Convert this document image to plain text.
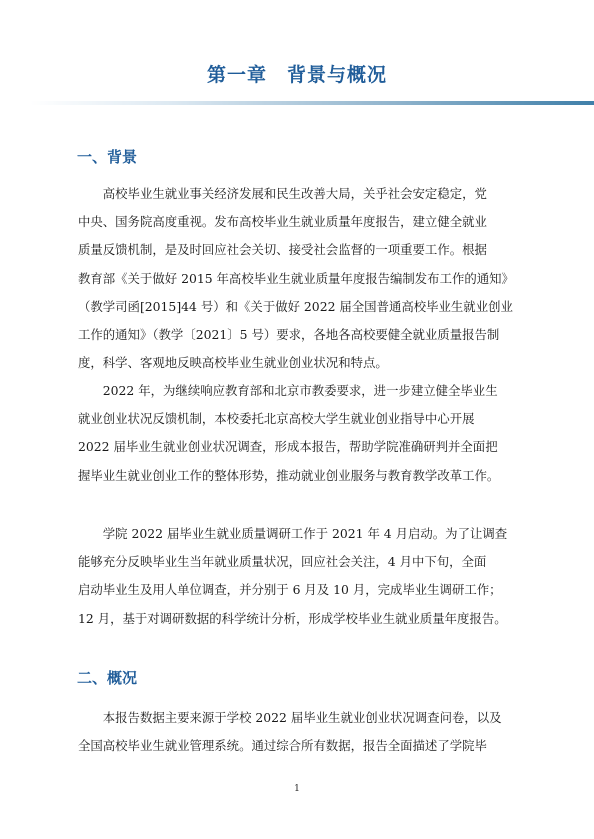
第一章　背景与概况
一、背景
　　高校毕业生就业事关经济发展和民生改善大局，关乎社会安定稳定，党
中央、国务院高度重视。发布高校毕业生就业质量年度报告，建立健全就业
质量反馈机制，是及时回应社会关切、接受社会监督的一项重要工作。根据
教育部《关于做好 2015 年高校毕业生就业质量年度报告编制发布工作的通知》
（教学司函[2015]44 号）和《关于做好 2022 届全国普通高校毕业生就业创业
工作的通知》（教学〔2021〕5 号）要求，各地各高校要健全就业质量报告制
度，科学、客观地反映高校毕业生就业创业状况和特点。
　　2022 年，为继续响应教育部和北京市教委要求，进一步建立健全毕业生
就业创业状况反馈机制，本校委托北京高校大学生就业创业指导中心开展
2022 届毕业生就业创业状况调查，形成本报告，帮助学院准确研判并全面把
握毕业生就业创业工作的整体形势，推动就业创业服务与教育教学改革工作。
　　学院 2022 届毕业生就业质量调研工作于 2021 年 4 月启动。为了让调查
能够充分反映毕业生当年就业质量状况，回应社会关注，4 月中下旬，全面
启动毕业生及用人单位调查，并分别于 6 月及 10 月，完成毕业生调研工作；
12 月，基于对调研数据的科学统计分析，形成学校毕业生就业质量年度报告。
二、概况
　　本报告数据主要来源于学校 2022 届毕业生就业创业状况调查问卷，以及
全国高校毕业生就业管理系统。通过综合所有数据，报告全面描述了学院毕
1
